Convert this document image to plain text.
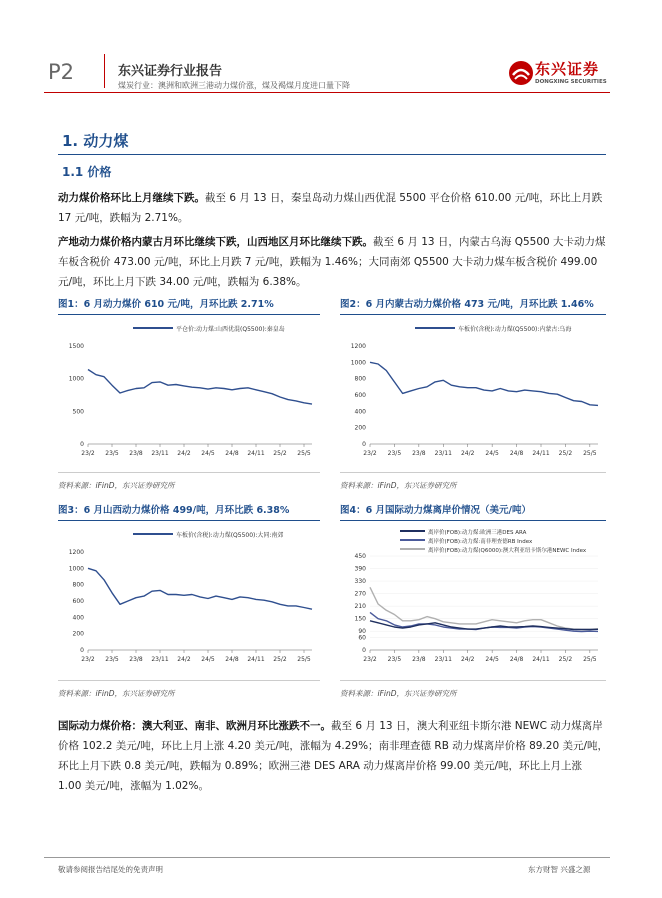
P2	东兴证券行业报告
煤炭行业：澳洲和欧洲三港动力煤价涨，煤及褐煤月度进口量下降
东兴证券
DONGXING SECURITIES
1. 动力煤
1.1 价格
动力煤价格环比上月继续下跌。截至 6 月 13 日，秦皇岛动力煤山西优混 5500 平仓价格 610.00 元/吨，环比上月跌 17 元/吨，跌幅为 2.71%。
产地动力煤价格内蒙古月环比继续下跌，山西地区月环比继续下跌。截至 6 月 13 日，内蒙古乌海 Q5500 大卡动力煤车板含税价 473.00 元/吨，环比上月跌 7 元/吨，跌幅为 1.46%；大同南郊 Q5500 大卡动力煤车板含税价 499.00 元/吨，环比上月下跌 34.00 元/吨，跌幅为 6.38%。
图1：6 月动力煤价 610 元/吨，月环比跌 2.71%
平仓价:动力煤:山西优混(Q5500):秦皇岛
0
500
1000
1500
23/2 23/5 23/8 23/11 24/2 24/5 24/8 24/11 25/2 25/5
资料来源：iFinD，东兴证券研究所
图2：6 月内蒙古动力煤价格 473 元/吨，月环比跌 1.46%
车板价(含税):动力煤(Q5500):内蒙古:乌海
0
200
400
600
800
1000
1200
23/2 23/5 23/8 23/11 24/2 24/5 24/8 24/11 25/2 25/5
资料来源：iFinD，东兴证券研究所
图3：6 月山西动力煤价格 499/吨，月环比跌 6.38%
车板价(含税):动力煤(Q5500):大同:南郊
0
200
400
600
800
1000
1200
23/2 23/5 23/8 23/11 24/2 24/5 24/8 24/11 25/2 25/5
资料来源：iFinD，东兴证券研究所
图4：6 月国际动力煤离岸价情况（美元/吨）
离岸价(FOB):动力煤:欧洲三港DES ARA
离岸价(FOB):动力煤:南非理查德RB Index
离岸价(FOB):动力煤(Q6000):澳大利亚纽卡斯尔港NEWC Index
0
60
90
150
210
270
330
390
450
23/2 23/5 23/8 23/11 24/2 24/5 24/8 24/11 25/2 25/5
资料来源：iFinD，东兴证券研究所
国际动力煤价格：澳大利亚、南非、欧洲月环比涨跌不一。截至 6 月 13 日，澳大利亚纽卡斯尔港 NEWC 动力煤离岸价格 102.2 美元/吨，环比上月上涨 4.20 美元/吨，涨幅为 4.29%；南非理查德 RB 动力煤离岸价格 89.20 美元/吨，环比上月下跌 0.8 美元/吨，跌幅为 0.89%；欧洲三港 DES ARA 动力煤离岸价格 99.00 美元/吨，环比上月上涨 1.00 美元/吨，涨幅为 1.02%。
敬请参阅报告结尾处的免责声明	东方财智 兴盛之源
